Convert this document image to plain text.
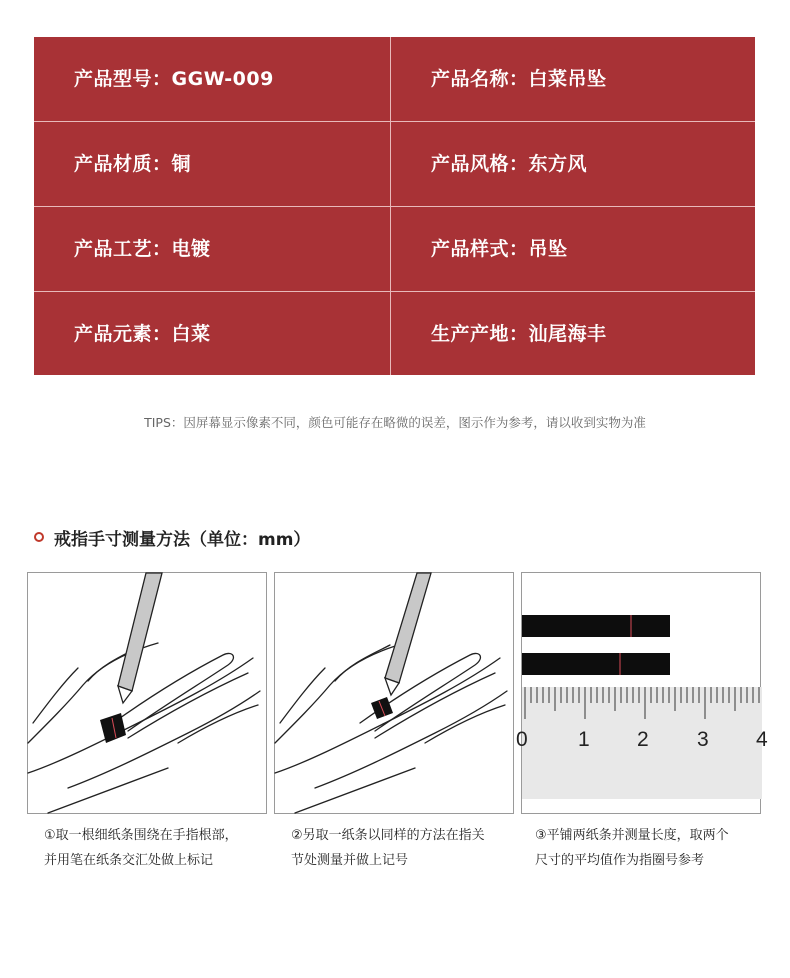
产品型号：GGW-009	产品名称：白菜吊坠
产品材质：铜	产品风格：东方风
产品工艺：电镀	产品样式：吊坠
产品元素：白菜	生产产地：汕尾海丰
TIPS：因屏幕显示像素不同，颜色可能存在略微的误差，图示作为参考，请以收到实物为准
戒指手寸测量方法（单位：mm）
0 1 2 3 4
①取一根细纸条围绕在手指根部，
并用笔在纸条交汇处做上标记
②另取一纸条以同样的方法在指关
节处测量并做上记号
③平铺两纸条并测量长度，取两个
尺寸的平均值作为指圈号参考
